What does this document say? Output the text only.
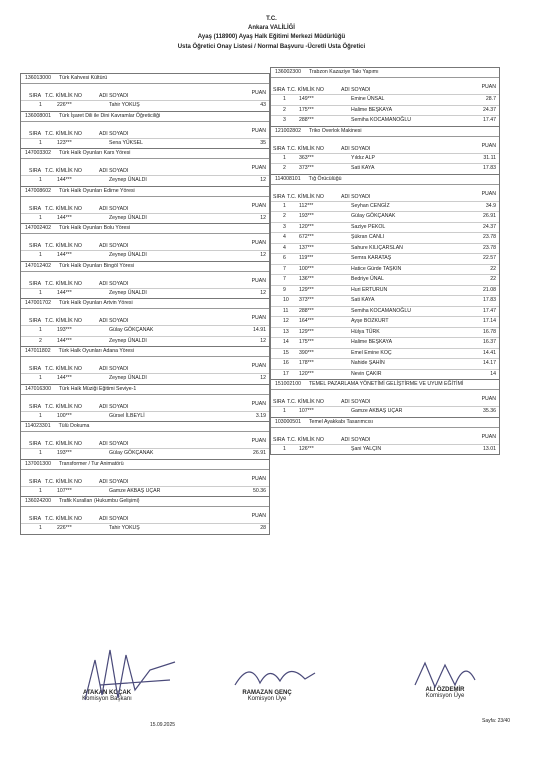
T.C.
Ankara VALİLİĞİ
Ayaş (118900) Ayaş Halk Eğitimi Merkezi Müdürlüğü
Usta Öğretici Onay Listesi / Normal Başvuru -Ücretli Usta Öğretici
136013000 Türk Kahvesi Kültürü
SIRA T.C. KİMLİK NO	ADI SOYADI	PUAN
1	226***	Tahir YOKUŞ	43
136008001 Türk İşaret Dili ile Dini Kavramlar Öğreticiliği
SIRA T.C. KİMLİK NO	ADI SOYADI	PUAN
1	123***	Sena YÜKSEL	35
147003302 Türk Halk Oyunları Kars Yöresi
SIRA T.C. KİMLİK NO	ADI SOYADI	PUAN
1	144***	Zeynep ÜNALDI	12
147008602 Türk Halk Oyunları Edirne Yöresi
SIRA T.C. KİMLİK NO	ADI SOYADI	PUAN
1	144***	Zeynep ÜNALDI	12
147002402 Türk Halk Oyunları Bolu Yöresi
SIRA T.C. KİMLİK NO	ADI SOYADI	PUAN
1	144***	Zeynep ÜNALDI	12
147012402 Türk Halk Oyunları Bingöl Yöresi
SIRA T.C. KİMLİK NO	ADI SOYADI	PUAN
1	144***	Zeynep ÜNALDI	12
147001702 Türk Halk Oyunları Artvin Yöresi
SIRA T.C. KİMLİK NO	ADI SOYADI	PUAN
1	193***	Gülay GÖKÇANAK	14.91
2	144***	Zeynep ÜNALDI	12
147011802 Türk Halk Oyunları Adana Yöresi
SIRA T.C. KİMLİK NO	ADI SOYADI	PUAN
1	144***	Zeynep ÜNALDI	12
147016300 Türk Halk Müziği Eğitimi Seviye-1
SIRA T.C. KİMLİK NO	ADI SOYADI	PUAN
1	100***	Gürsel İLBEYLİ	3.19
114023301 Tülü Dokuma
SIRA T.C. KİMLİK NO	ADI SOYADI	PUAN
1	193***	Gülay GÖKÇANAK	26.91
137001300 Transformer / Tur Animatörü
SIRA T.C. KİMLİK NO	ADI SOYADI	PUAN
1	107***	Gamze AKBAŞ UÇAR	50.36
136024200 Trafik Kuralları (Hukumbu Gelişimi)
SIRA T.C. KİMLİK NO	ADI SOYADI	PUAN
1	226***	Tahir YOKUŞ	28
136002300 Trabzon Kazaziye Takı Yapımı
SIRA T.C. KİMLİK NO	ADI SOYADI	PUAN
1	149***	Emine ÜNSAL	28.7
2	175***	Halime BEŞKAYA	24.37
3	288***	Semiha KOCAMANOĞLU	17.47
121002802 Triko Overlok Makinesi
SIRA T.C. KİMLİK NO	ADI SOYADI	PUAN
1	363***	Yıldız ALP	31.11
2	373***	Sati KAYA	17.83
114008101 Tığ Örücülüğü
SIRA T.C. KİMLİK NO	ADI SOYADI	PUAN
1	112***	Seyhan CENGİZ	34.9
2	193***	Gülay GÖKÇANAK	26.91
3	120***	Saziye PEKOL	24.37
4	672***	Şükran CANLI	23.78
4	137***	Sahure KILIÇARSLAN	23.78
6	119***	Semra KARATAŞ	22.57
7	100***	Hatice Gürde TAŞKIN	22
7	136***	Bedriye ÜNAL	22
9	129***	Huri ERTURUN	21.08
10 373***	Sati KAYA	17.83
11 288***	Semiha KOCAMANOĞLU	17.47
12 164***	Ayşe BOZKURT	17.14
13 129***	Hülya TÜRK	16.78
14 175***	Halime BEŞKAYA	16.37
15 390***	Emel Emine KOÇ	14.41
16 178***	Nahide ŞAHİN	14.17
17 120***	Nevin ÇAKIR	14
151002100 TEMEL PAZARLAMA YÖNETİMİ GELİŞTİRME VE UYUM EĞİTİMİ
SIRA T.C. KİMLİK NO	ADI SOYADI	PUAN
1	107***	Gamze AKBAŞ UÇAR	35.36
103000501 Temel Ayakkabı Tasarımcısı
SIRA T.C. KİMLİK NO	ADI SOYADI	PUAN
1	126***	Şani YALÇIN	13.01
ATAKAN KOÇAK
Komisyon Başkanı
RAMAZAN GENÇ
Komisyon Üye
ALİ ÖZDEMİR
Komisyon Üye
15.09.2025
Sayfa: 23/40
